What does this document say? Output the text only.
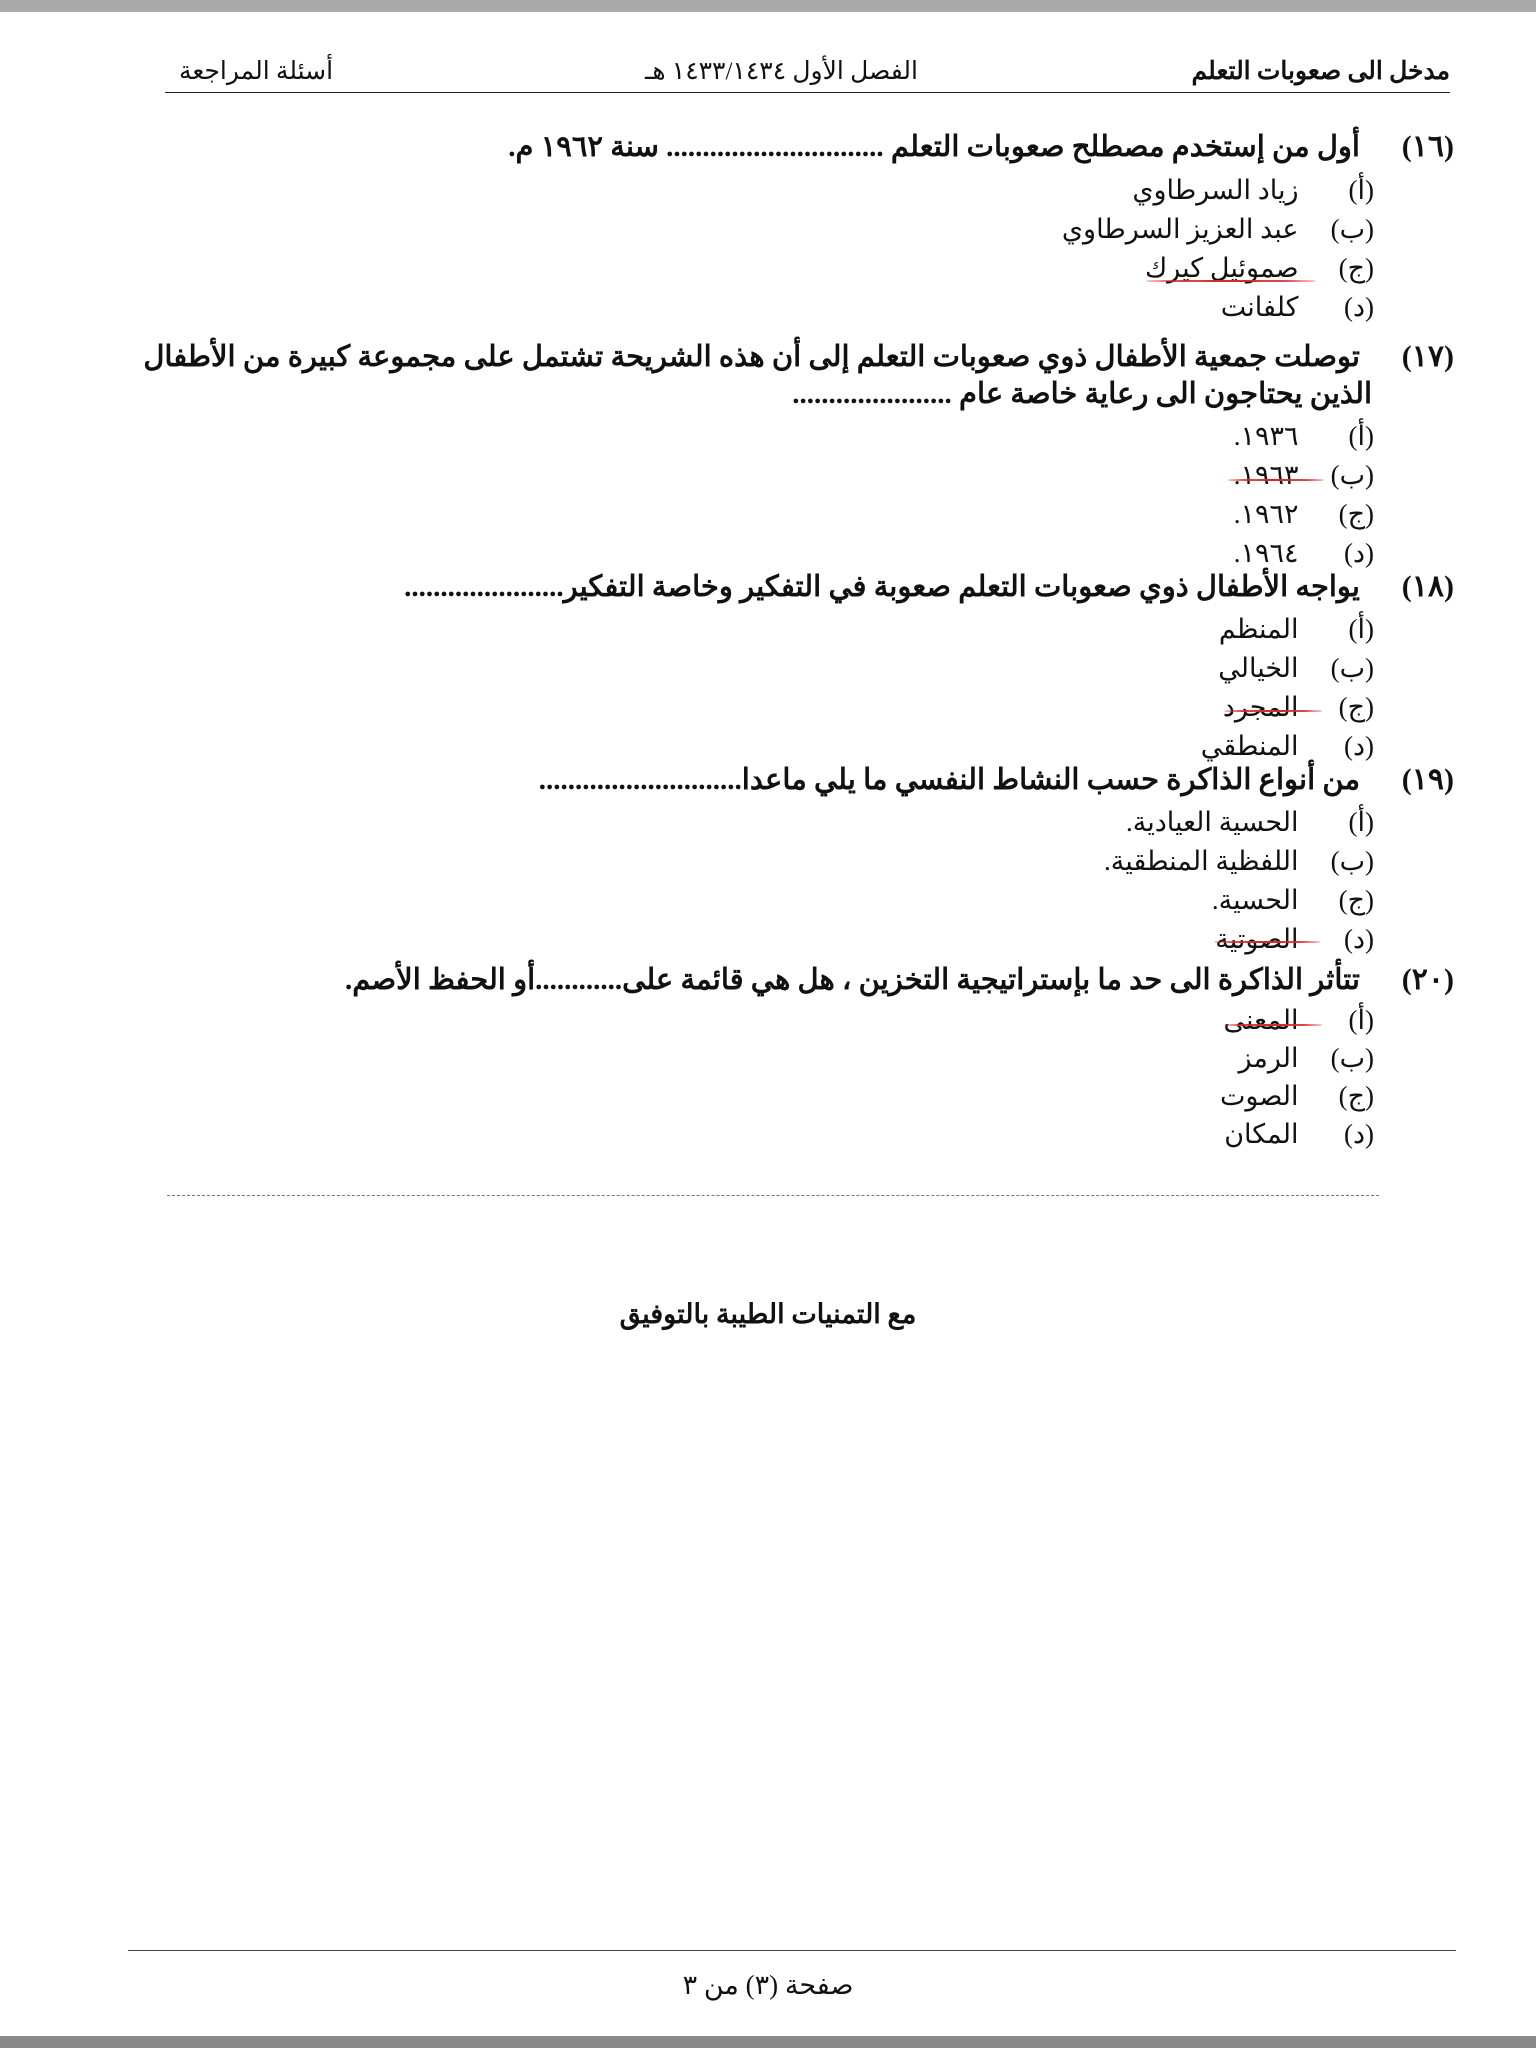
مدخل الى صعوبات التعلم
الفصل الأول ١٤٣٣/١٤٣٤ هـ
أسئلة المراجعة
(١٦)
أول من إستخدم مصطلح صعوبات التعلم .............................. سنة ١٩٦٢ م.
(أ)  زياد السرطاوي
(ب)  عبد العزيز السرطاوي
(ج)  صموئيل كيرك
(د)  كلفانت
(١٧)
توصلت جمعية الأطفال ذوي صعوبات التعلم إلى أن هذه الشريحة تشتمل على مجموعة كبيرة من الأطفال
الذين يحتاجون الى رعاية خاصة عام ......................
(أ)  ١٩٣٦.
(ب)  ١٩٦٣.
(ج)  ١٩٦٢.
(د)  ١٩٦٤.
(١٨)
يواجه الأطفال ذوي صعوبات التعلم صعوبة في التفكير وخاصة التفكير......................
(أ)  المنظم
(ب)  الخيالي
(ج)  المجرد
(د)  المنطقي
(١٩)
من أنواع الذاكرة حسب النشاط النفسي ما يلي ماعدا............................
(أ)  الحسية العيادية.
(ب)  اللفظية المنطقية.
(ج)  الحسية.
(د)  الصوتية
(٢٠)
تتأثر الذاكرة الى حد ما بإستراتيجية التخزين ، هل هي قائمة على............أو الحفظ الأصم.
(أ)  المعنى
(ب)  الرمز
(ج)  الصوت
(د)  المكان
مع التمنيات الطيبة بالتوفيق
صفحة (٣) من ٣
